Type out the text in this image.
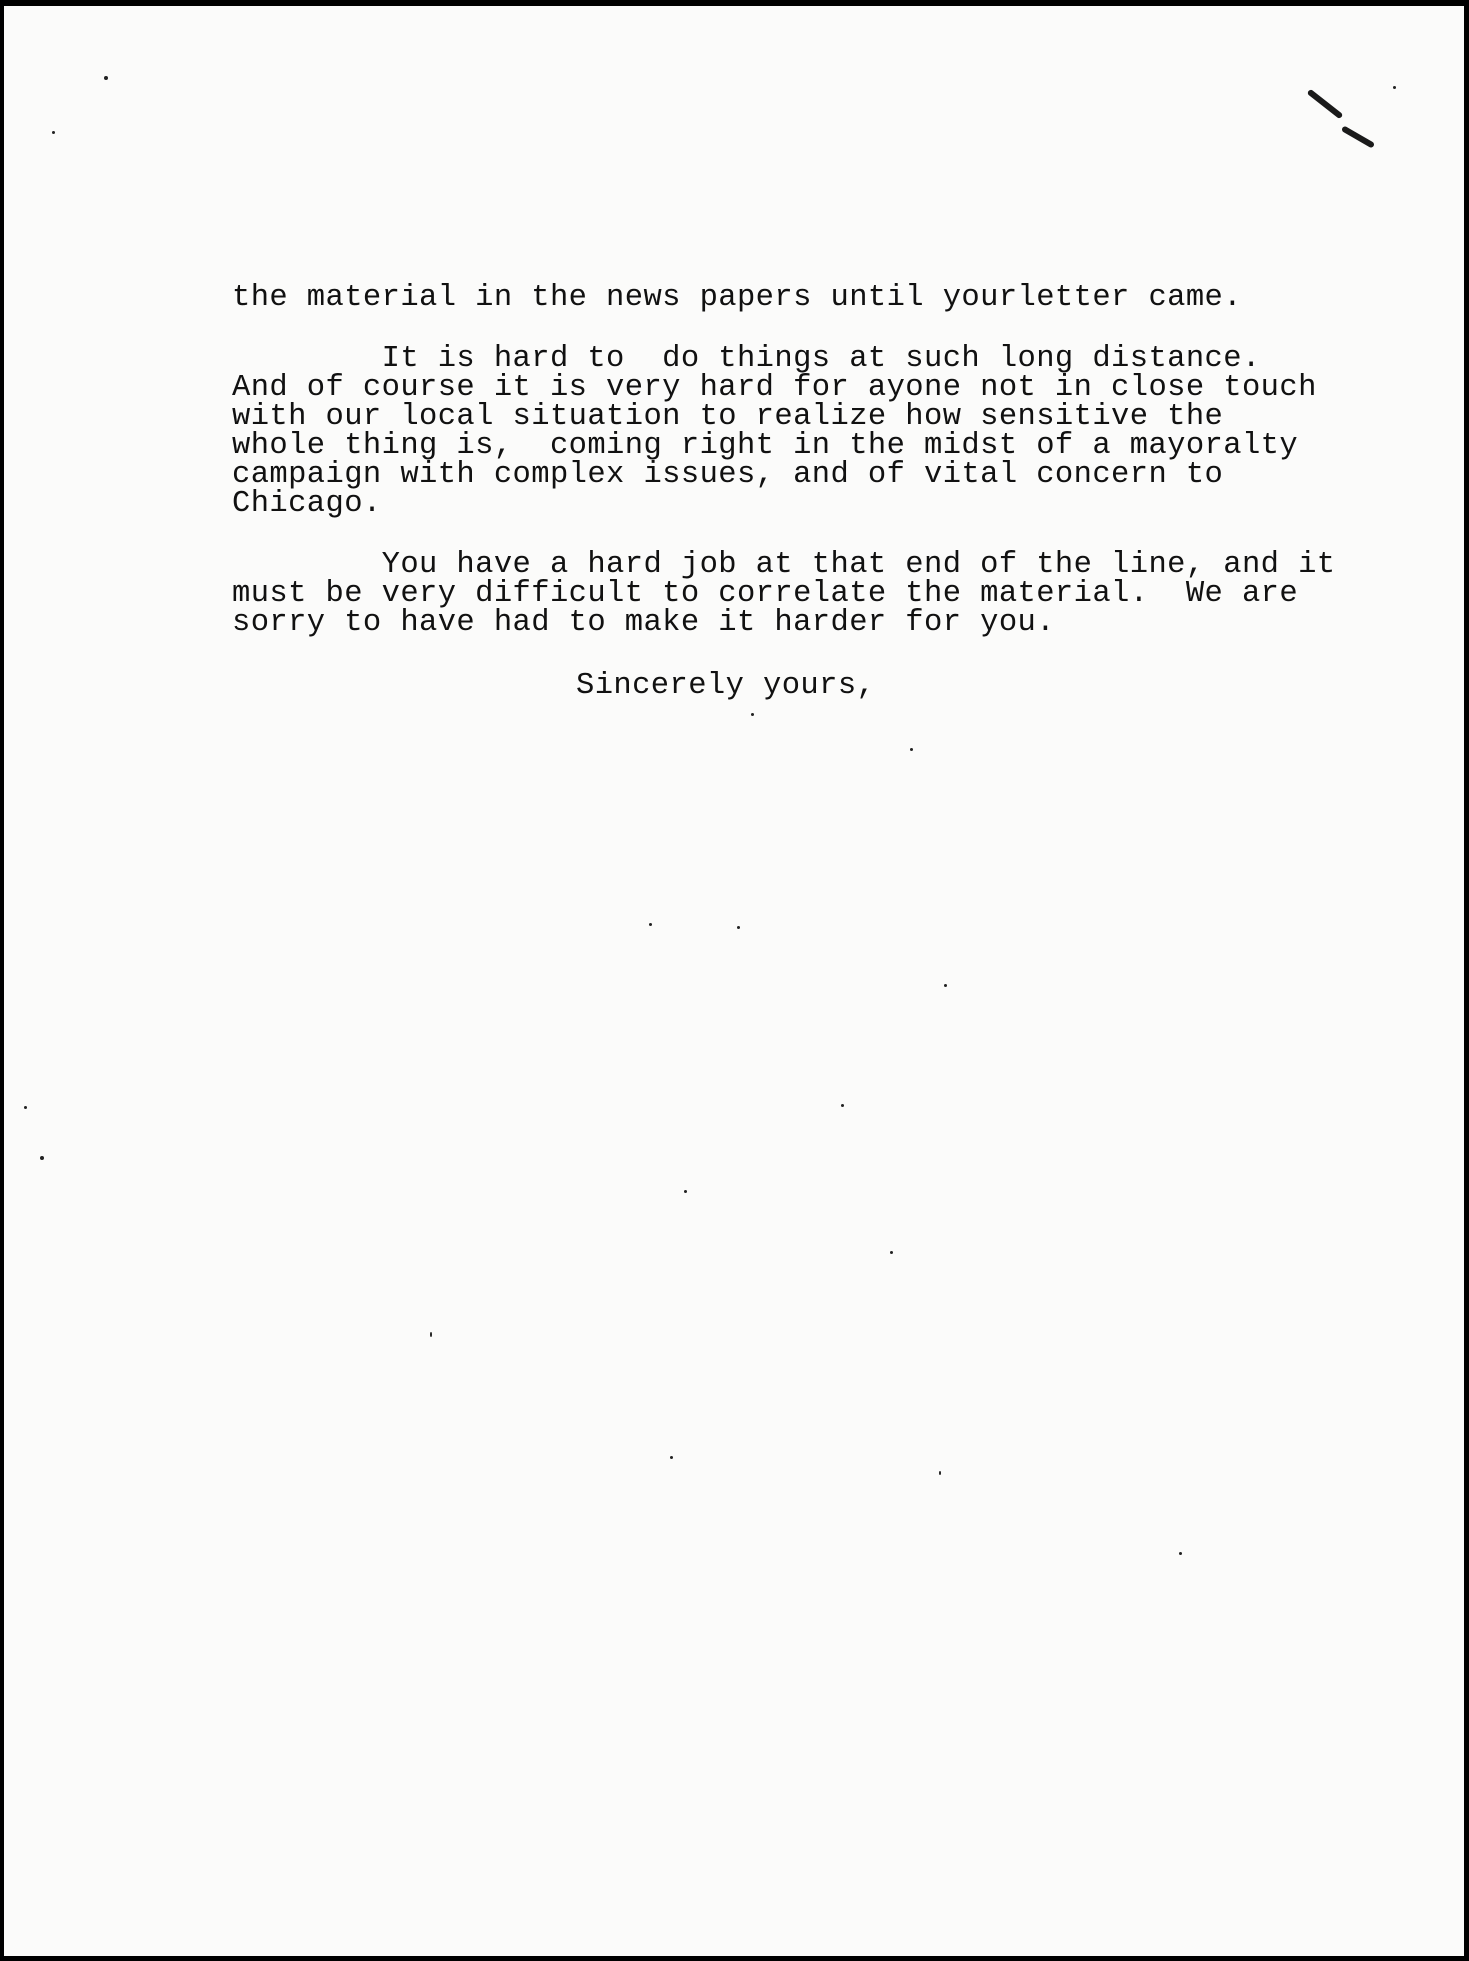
the material in the news papers until yourletter came.
It is hard to  do things at such long distance.
And of course it is very hard for ayone not in close touch
with our local situation to realize how sensitive the
whole thing is,  coming right in the midst of a mayoralty
campaign with complex issues, and of vital concern to
Chicago.
You have a hard job at that end of the line, and it
must be very difficult to correlate the material.  We are
sorry to have had to make it harder for you.
Sincerely yours,
